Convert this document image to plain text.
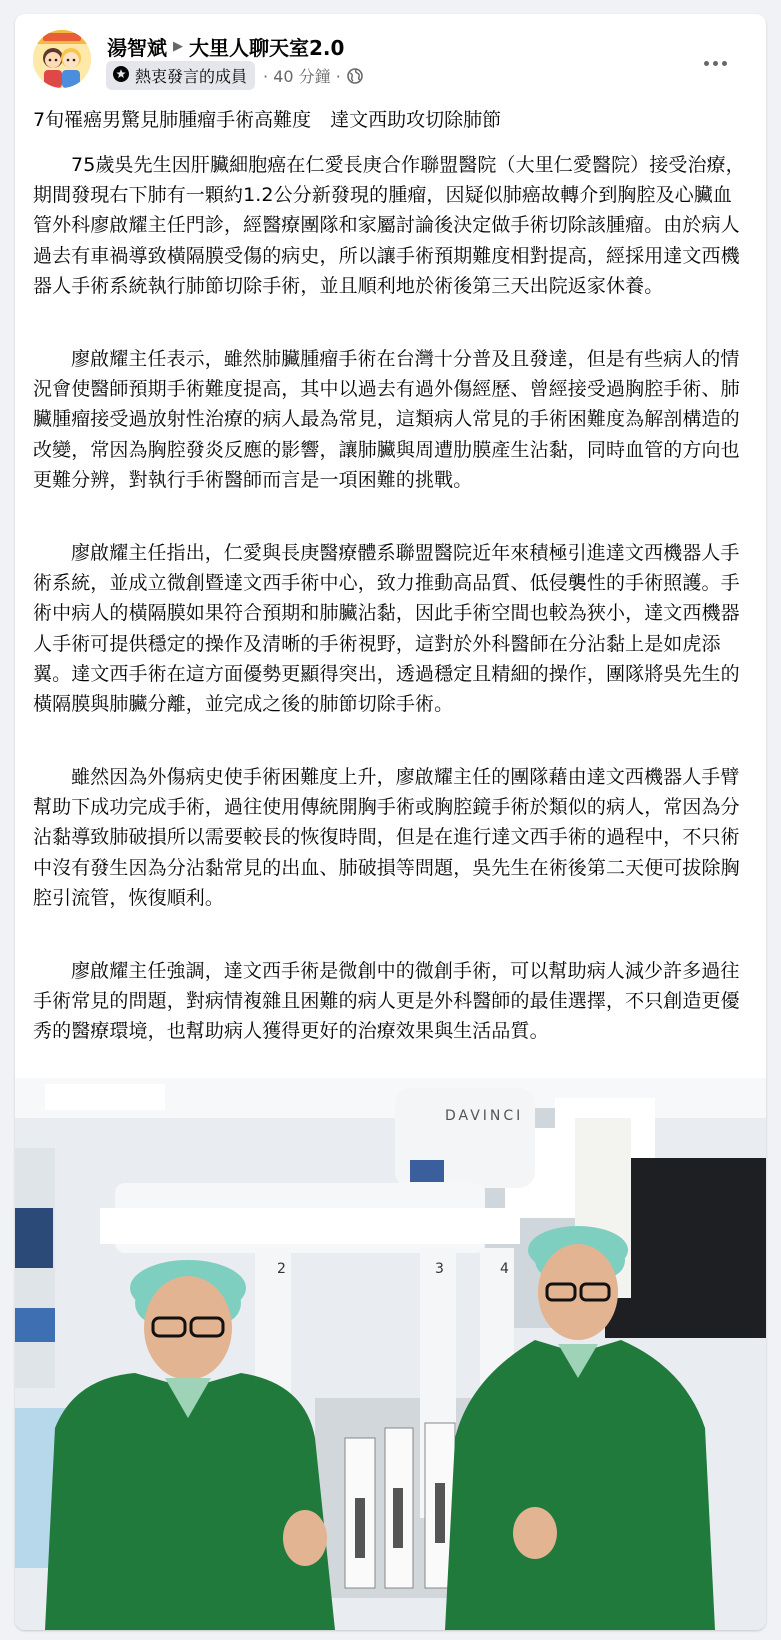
湯智斌 ▶ 大里人聊天室2.0
熱衷發言的成員 · 40 分鐘 ·
7旬罹癌男驚見肺腫瘤手術高難度　達文西助攻切除肺節

75歲吳先生因肝臟細胞癌在仁愛長庚合作聯盟醫院（大里仁愛醫院）接受治療，期間發現右下肺有一顆約1.2公分新發現的腫瘤，因疑似肺癌故轉介到胸腔及心臟血管外科廖啟耀主任門診，經醫療團隊和家屬討論後決定做手術切除該腫瘤。由於病人過去有車禍導致橫隔膜受傷的病史，所以讓手術預期難度相對提高，經採用達文西機器人手術系統執行肺節切除手術，並且順利地於術後第三天出院返家休養。

廖啟耀主任表示，雖然肺臟腫瘤手術在台灣十分普及且發達，但是有些病人的情況會使醫師預期手術難度提高，其中以過去有過外傷經歷、曾經接受過胸腔手術、肺臟腫瘤接受過放射性治療的病人最為常見，這類病人常見的手術困難度為解剖構造的改變，常因為胸腔發炎反應的影響，讓肺臟與周遭肋膜產生沾黏，同時血管的方向也更難分辨，對執行手術醫師而言是一項困難的挑戰。

廖啟耀主任指出，仁愛與長庚醫療體系聯盟醫院近年來積極引進達文西機器人手術系統，並成立微創暨達文西手術中心，致力推動高品質、低侵襲性的手術照護。手術中病人的橫隔膜如果符合預期和肺臟沾黏，因此手術空間也較為狹小，達文西機器人手術可提供穩定的操作及清晰的手術視野，這對於外科醫師在分沾黏上是如虎添翼。達文西手術在這方面優勢更顯得突出，透過穩定且精細的操作，團隊將吳先生的橫隔膜與肺臟分離，並完成之後的肺節切除手術。

雖然因為外傷病史使手術困難度上升，廖啟耀主任的團隊藉由達文西機器人手臂幫助下成功完成手術，過往使用傳統開胸手術或胸腔鏡手術於類似的病人，常因為分沾黏導致肺破損所以需要較長的恢復時間，但是在進行達文西手術的過程中，不只術中沒有發生因為分沾黏常見的出血、肺破損等問題，吳先生在術後第二天便可拔除胸腔引流管，恢復順利。

廖啟耀主任強調，達文西手術是微創中的微創手術，可以幫助病人減少許多過往手術常見的問題，對病情複雜且困難的病人更是外科醫師的最佳選擇，不只創造更優秀的醫療環境，也幫助病人獲得更好的治療效果與生活品質。

DAVINCI
2	3	4
